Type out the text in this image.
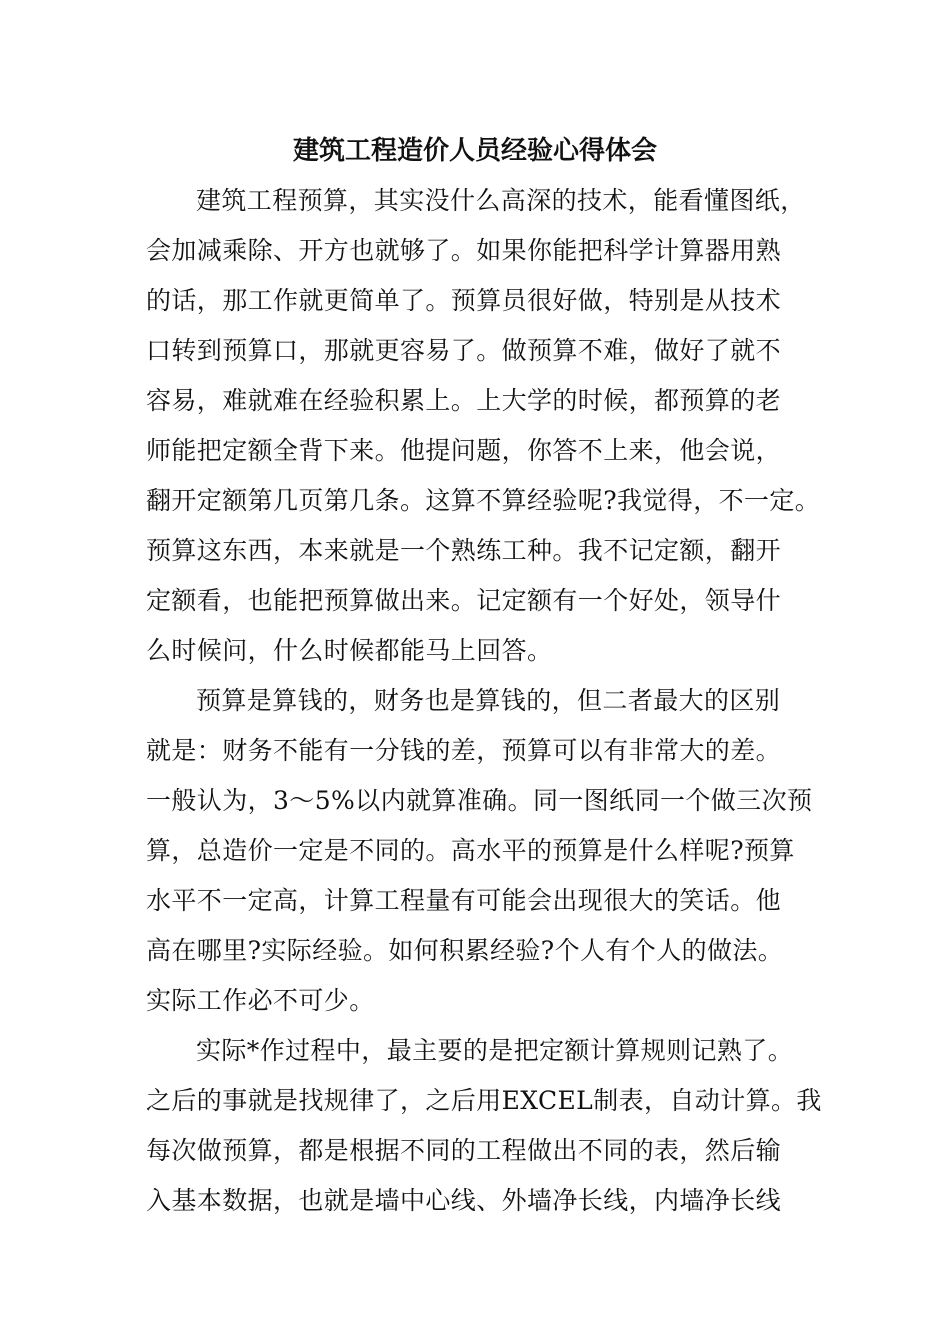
建筑工程造价人员经验心得体会
建筑工程预算，其实没什么高深的技术，能看懂图纸，
会加减乘除、开方也就够了。如果你能把科学计算器用熟
的话，那工作就更简单了。预算员很好做，特别是从技术
口转到预算口，那就更容易了。做预算不难，做好了就不
容易，难就难在经验积累上。上大学的时候，都预算的老
师能把定额全背下来。他提问题，你答不上来，他会说，
翻开定额第几页第几条。这算不算经验呢?我觉得，不一定。
预算这东西，本来就是一个熟练工种。我不记定额，翻开
定额看，也能把预算做出来。记定额有一个好处，领导什
么时候问，什么时候都能马上回答。
预算是算钱的，财务也是算钱的，但二者最大的区别
就是：财务不能有一分钱的差，预算可以有非常大的差。
一般认为，3～5%以内就算准确。同一图纸同一个做三次预
算，总造价一定是不同的。高水平的预算是什么样呢?预算
水平不一定高，计算工程量有可能会出现很大的笑话。他
高在哪里?实际经验。如何积累经验?个人有个人的做法。
实际工作必不可少。
实际*作过程中，最主要的是把定额计算规则记熟了。
之后的事就是找规律了，之后用EXCEL制表，自动计算。我
每次做预算，都是根据不同的工程做出不同的表，然后输
入基本数据，也就是墙中心线、外墙净长线，内墙净长线
